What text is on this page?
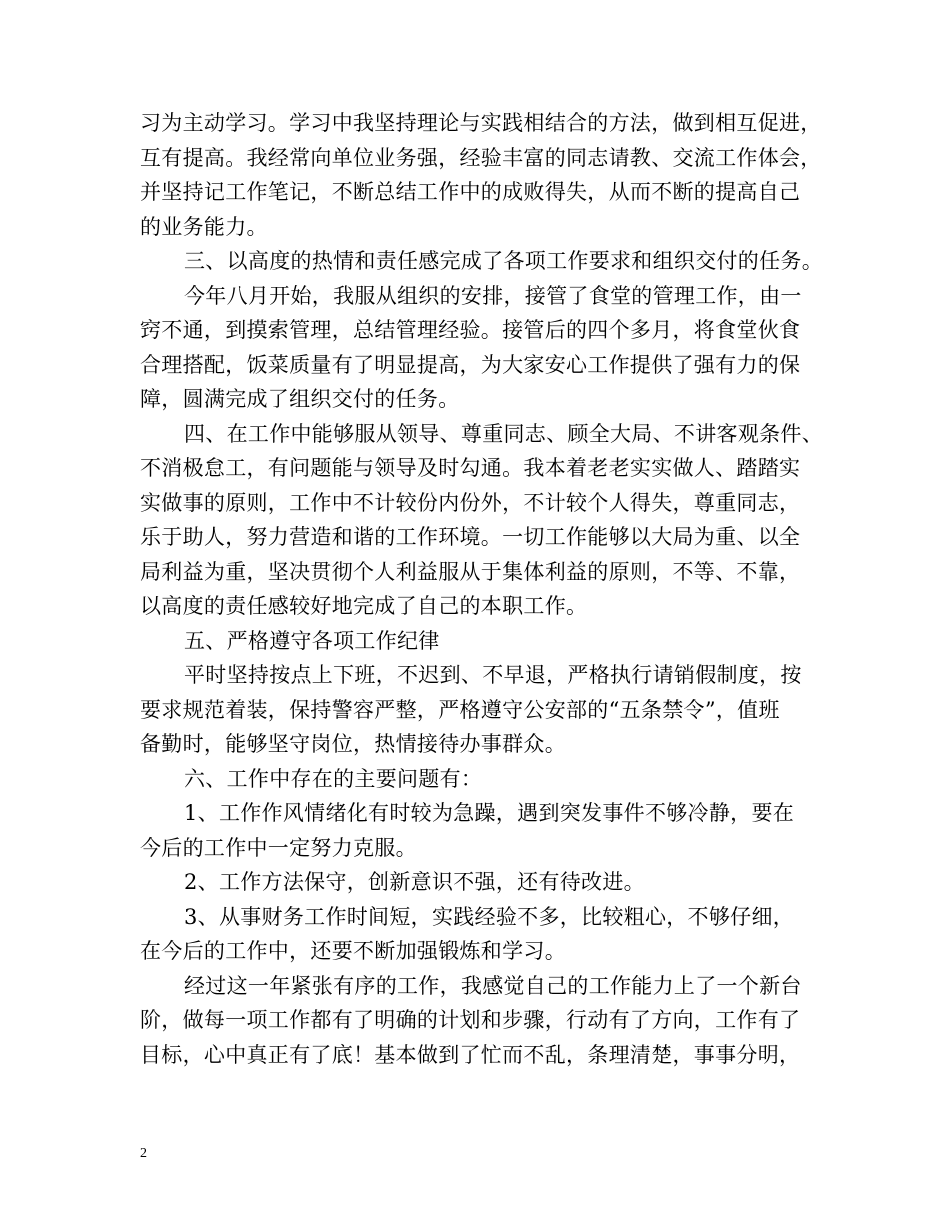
习为主动学习。学习中我坚持理论与实践相结合的方法，做到相互促进，
互有提高。我经常向单位业务强，经验丰富的同志请教、交流工作体会，
并坚持记工作笔记，不断总结工作中的成败得失，从而不断的提高自己
的业务能力。
三、以高度的热情和责任感完成了各项工作要求和组织交付的任务。
今年八月开始，我服从组织的安排，接管了食堂的管理工作，由一
窍不通，到摸索管理，总结管理经验。接管后的四个多月，将食堂伙食
合理搭配，饭菜质量有了明显提高，为大家安心工作提供了强有力的保
障，圆满完成了组织交付的任务。
四、在工作中能够服从领导、尊重同志、顾全大局、不讲客观条件、
不消极怠工，有问题能与领导及时勾通。我本着老老实实做人、踏踏实
实做事的原则，工作中不计较份内份外，不计较个人得失，尊重同志，
乐于助人，努力营造和谐的工作环境。一切工作能够以大局为重、以全
局利益为重，坚决贯彻个人利益服从于集体利益的原则，不等、不靠，
以高度的责任感较好地完成了自己的本职工作。
五、严格遵守各项工作纪律
平时坚持按点上下班，不迟到、不早退，严格执行请销假制度，按
要求规范着装，保持警容严整，严格遵守公安部的“五条禁令”，值班
备勤时，能够坚守岗位，热情接待办事群众。
六、工作中存在的主要问题有：
1、工作作风情绪化有时较为急躁，遇到突发事件不够冷静，要在
今后的工作中一定努力克服。
2、工作方法保守，创新意识不强，还有待改进。
3、从事财务工作时间短，实践经验不多，比较粗心，不够仔细，
在今后的工作中，还要不断加强锻炼和学习。
经过这一年紧张有序的工作，我感觉自己的工作能力上了一个新台
阶，做每一项工作都有了明确的计划和步骤，行动有了方向，工作有了
目标，心中真正有了底！基本做到了忙而不乱，条理清楚，事事分明，
2
